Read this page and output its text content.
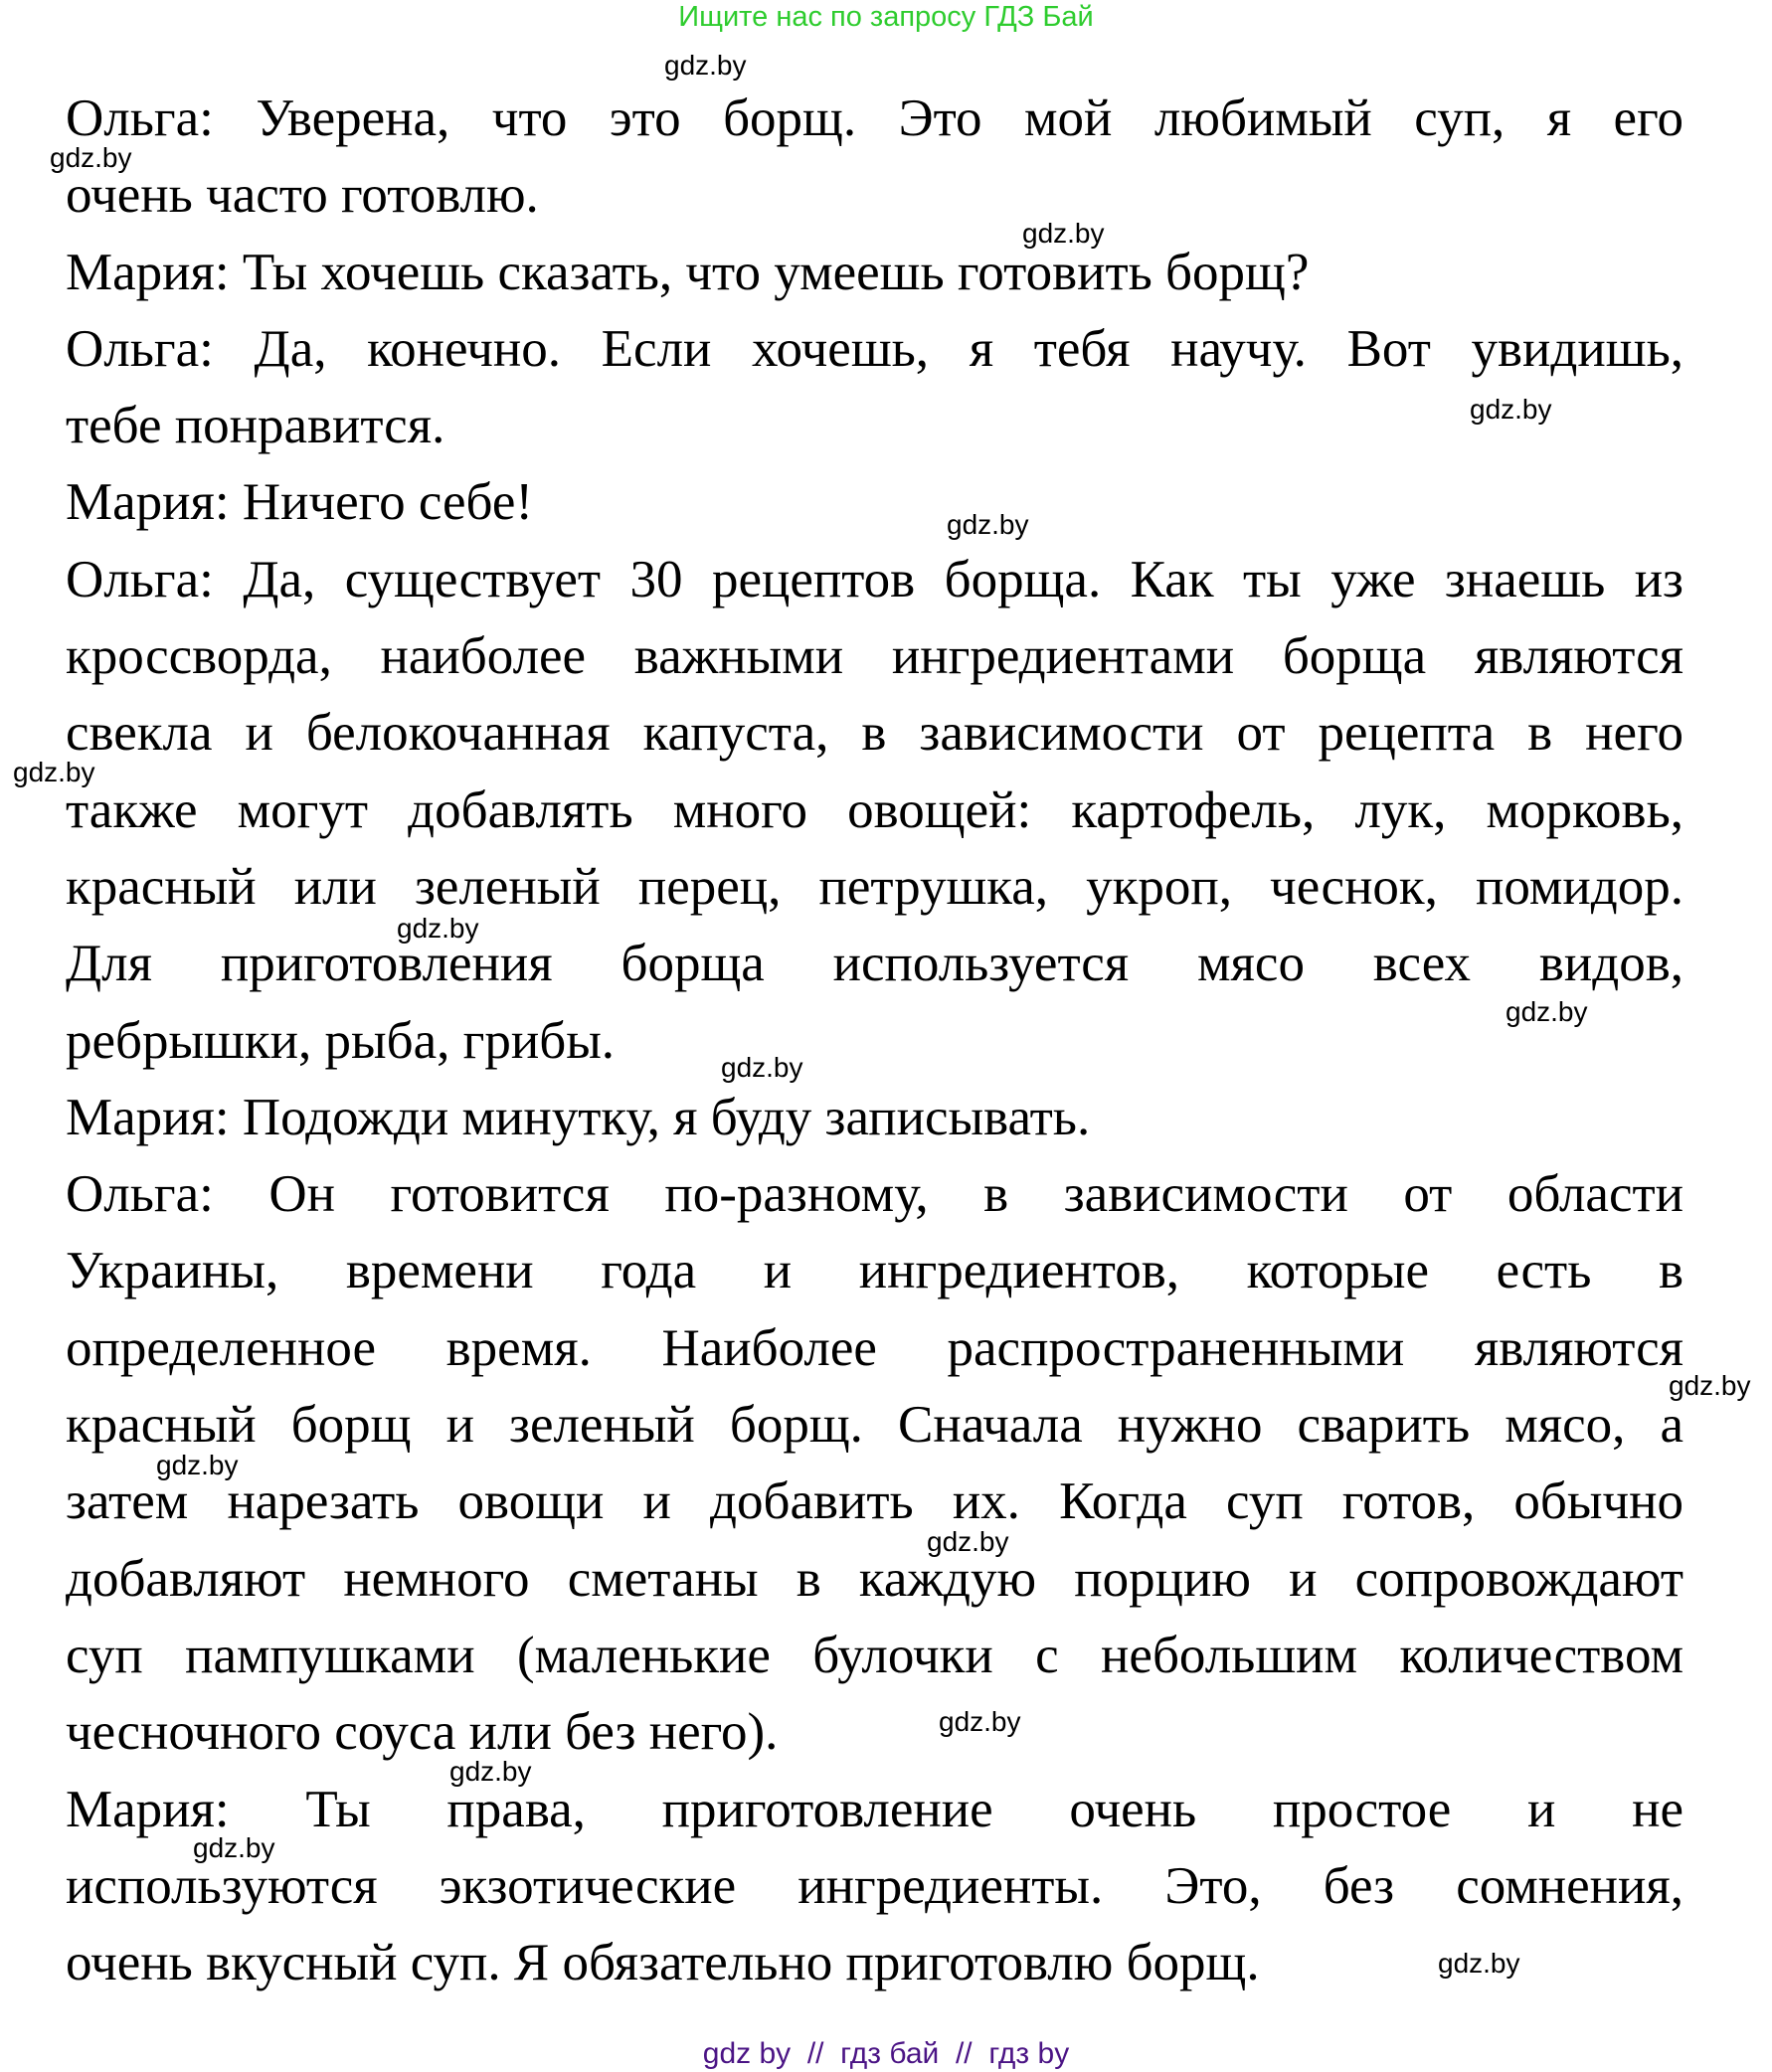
Ищите нас по запросу ГДЗ Бай
Ольга: Уверена, что это борщ. Это мой любимый суп, я его
очень часто готовлю.
Мария: Ты хочешь сказать, что умеешь готовить борщ?
Ольга: Да, конечно. Если хочешь, я тебя научу. Вот увидишь,
тебе понравится.
Мария: Ничего себе!
Ольга: Да, существует 30 рецептов борща. Как ты уже знаешь из
кроссворда, наиболее важными ингредиентами борща являются
свекла и белокочанная капуста, в зависимости от рецепта в него
также могут добавлять много овощей: картофель, лук, морковь,
красный или зеленый перец, петрушка, укроп, чеснок, помидор.
Для приготовления борща используется мясо всех видов,
ребрышки, рыба, грибы.
Мария: Подожди минутку, я буду записывать.
Ольга: Он готовится по-разному, в зависимости от области
Украины, времени года и ингредиентов, которые есть в
определенное время. Наиболее распространенными являются
красный борщ и зеленый борщ. Сначала нужно сварить мясо, а
затем нарезать овощи и добавить их. Когда суп готов, обычно
добавляют немного сметаны в каждую порцию и сопровождают
суп пампушками (маленькие булочки с небольшим количеством
чесночного соуса или без него).
Мария: Ты права, приготовление очень простое и не
используются экзотические ингредиенты. Это, без сомнения,
очень вкусный суп. Я обязательно приготовлю борщ.
gdz.by
gdz.by
gdz.by
gdz.by
gdz.by
gdz.by
gdz.by
gdz.by
gdz.by
gdz.by
gdz.by
gdz.by
gdz.by
gdz.by
gdz.by
gdz.by
gdz by  //  гдз бай  //  гдз by
